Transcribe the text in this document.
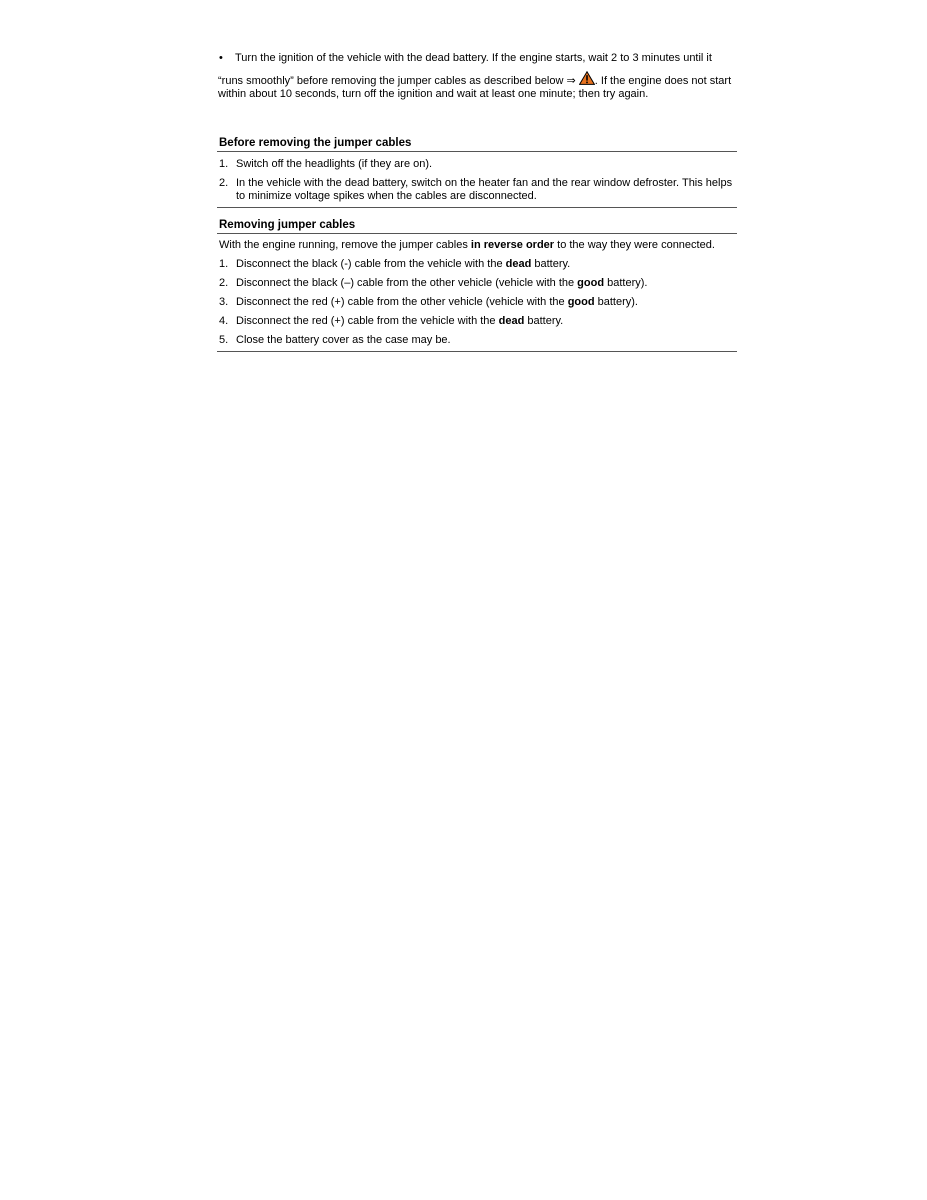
• Turn the ignition of the vehicle with the dead battery. If the engine starts, wait 2 to 3 minutes until it
“runs smoothly” before removing the jumper cables as described below ⇒ . If the engine does not start within about 10 seconds, turn off the ignition and wait at least one minute; then try again.
Before removing the jumper cables
1. Switch off the headlights (if they are on).
2. In the vehicle with the dead battery, switch on the heater fan and the rear window defroster. This helps to minimize voltage spikes when the cables are disconnected.
Removing jumper cables
With the engine running, remove the jumper cables in reverse order to the way they were connected.
1. Disconnect the black (-) cable from the vehicle with the dead battery.
2. Disconnect the black (–) cable from the other vehicle (vehicle with the good battery).
3. Disconnect the red (+) cable from the other vehicle (vehicle with the good battery).
4. Disconnect the red (+) cable from the vehicle with the dead battery.
5. Close the battery cover as the case may be.
